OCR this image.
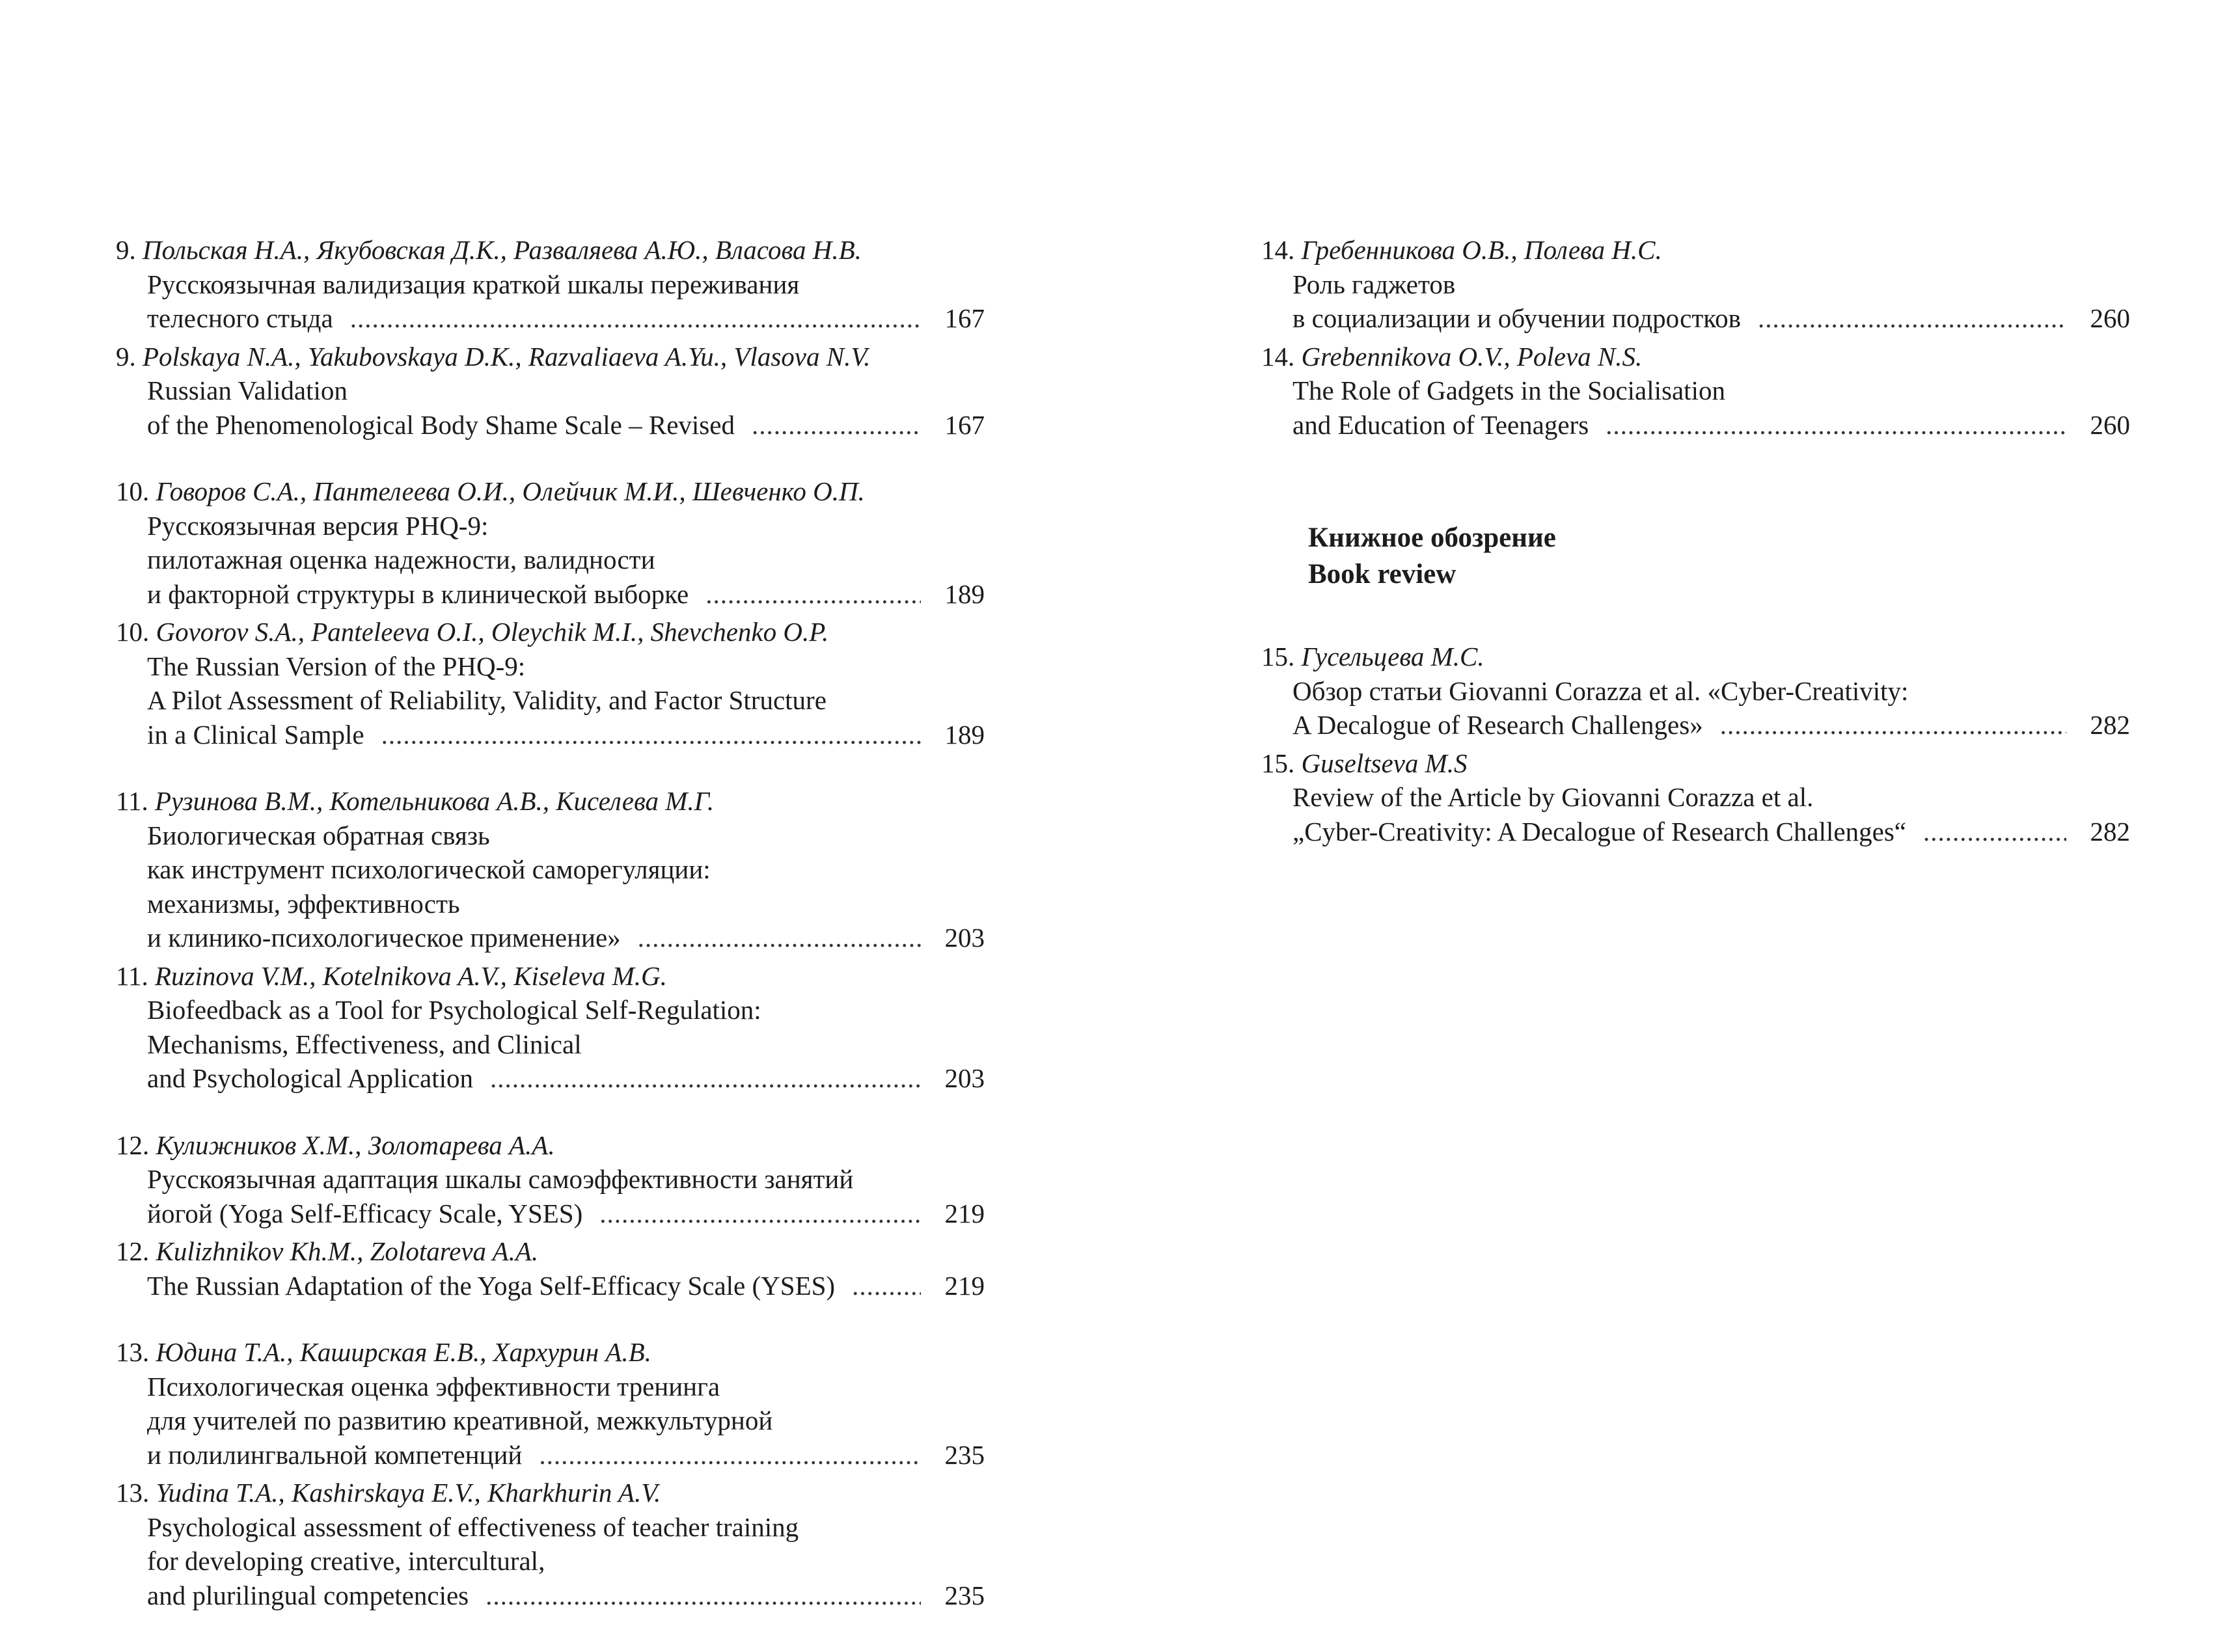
9. Польская Н.А., Якубовская Д.К., Разваляева А.Ю., Власова Н.В.
Русскоязычная валидизация краткой шкалы переживания
телесного стыда .....	167
9. Polskaya N.A., Yakubovskaya D.K., Razvaliaeva A.Yu., Vlasova N.V.
Russian Validation
of the Phenomenological Body Shame Scale – Revised .....	167
10. Говоров С.А., Пантелеева О.И., Олейчик М.И., Шевченко О.П.
Русскоязычная версия PHQ-9:
пилотажная оценка надежности, валидности
и факторной структуры в клинической выборке .....	189
10. Govorov S.A., Panteleeva O.I., Oleychik M.I., Shevchenko O.P.
The Russian Version of the PHQ-9:
A Pilot Assessment of Reliability, Validity, and Factor Structure
in a Clinical Sample .....	189
11. Рузинова В.М., Котельникова А.В., Киселева М.Г.
Биологическая обратная связь
как инструмент психологической саморегуляции:
механизмы, эффективность
и клинико-психологическое применение» .....	203
11. Ruzinova V.M., Kotelnikova A.V., Kiseleva M.G.
Biofeedback as a Tool for Psychological Self-Regulation:
Mechanisms, Effectiveness, and Clinical
and Psychological Application .....	203
12. Кулижников Х.М., Золотарева А.А.
Русскоязычная адаптация шкалы самоэффективности занятий
йогой (Yoga Self-Efficacy Scale, YSES) .....	219
12. Kulizhnikov Kh.M., Zolotareva A.A.
The Russian Adaptation of the Yoga Self-Efficacy Scale (YSES) .....	219
13. Юдина Т.А., Каширская Е.В., Хархурин А.В.
Психологическая оценка эффективности тренинга
для учителей по развитию креативной, межкультурной
и полилингвальной компетенций .....	235
13. Yudina T.A., Kashirskaya E.V., Kharkhurin A.V.
Psychological assessment of effectiveness of teacher training
for developing creative, intercultural,
and plurilingual competencies .....	235
14. Гребенникова О.В., Полева Н.С.
Роль гаджетов
в социализации и обучении подростков .....	260
14. Grebennikova O.V., Poleva N.S.
The Role of Gadgets in the Socialisation
and Education of Teenagers .....	260
Книжное обозрение
Book review
15. Гусельцева М.С.
Обзор статьи Giovanni Corazza et al. «Cyber-Creativity:
A Decalogue of Research Challenges» .....	282
15. Guseltseva M.S
Review of the Article by Giovanni Corazza et al.
„Cyber-Creativity: A Decalogue of Research Challenges“ .....	282
